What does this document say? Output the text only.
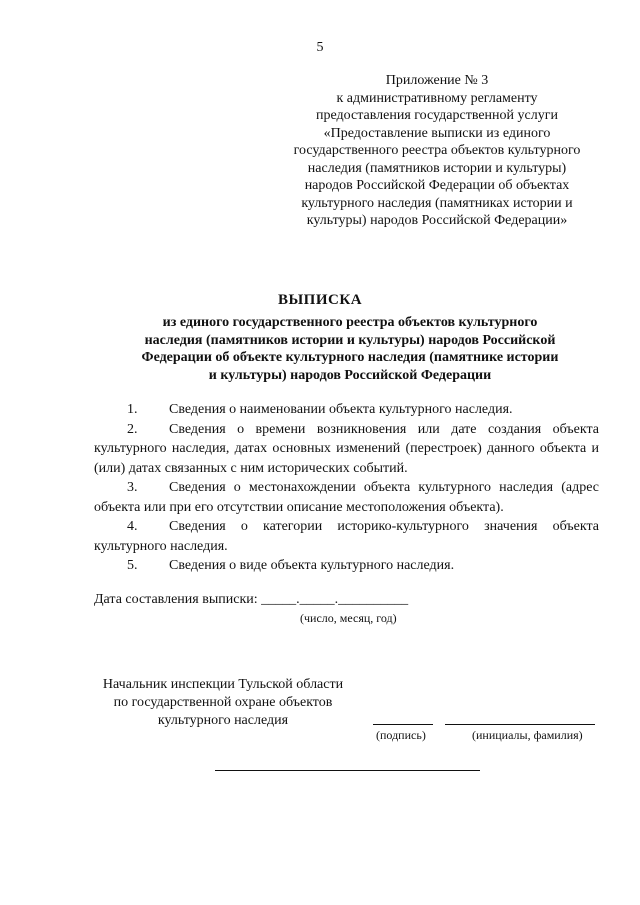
5
Приложение № 3
к административному регламенту
предоставления государственной услуги
«Предоставление выписки из единого
государственного реестра объектов культурного
наследия (памятников истории и культуры)
народов Российской Федерации об объектах
культурного наследия (памятниках истории и
культуры) народов Российской Федерации»
ВЫПИСКА
из единого государственного реестра объектов культурного
наследия (памятников истории и культуры) народов Российской
Федерации об объекте культурного наследия (памятнике истории
и культуры) народов Российской Федерации
1. Сведения о наименовании объекта культурного наследия.
2. Сведения о времени возникновения или дате создания объекта культурного наследия, датах основных изменений (перестроек) данного объекта и (или) датах связанных с ним исторических событий.
3. Сведения о местонахождении объекта культурного наследия (адрес объекта или при его отсутствии описание местоположения объекта).
4. Сведения о категории историко-культурного значения объекта культурного наследия.
5. Сведения о виде объекта культурного наследия.
Дата составления выписки: _____._____.__________
(число, месяц, год)
Начальник инспекции Тульской области
по государственной охране объектов
культурного наследия
(подпись)	(инициалы, фамилия)
